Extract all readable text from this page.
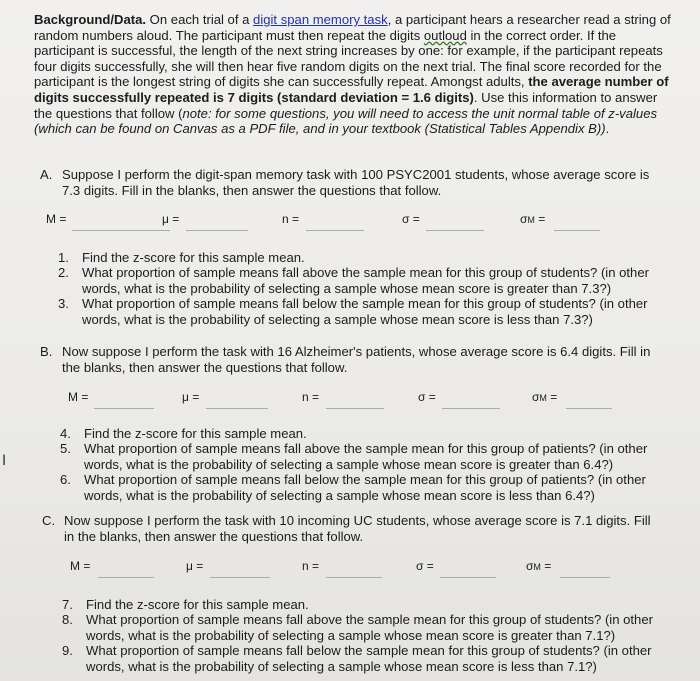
Background/Data. On each trial of a digit span memory task, a participant hears a researcher read a string of random numbers aloud. The participant must then repeat the digits outloud in the correct order. If the participant is successful, the length of the next string increases by one: for example, if the participant repeats four digits successfully, she will then hear five random digits on the next trial. The final score recorded for the participant is the longest string of digits she can successfully repeat. Amongst adults, the average number of digits successfully repeated is 7 digits (standard deviation = 1.6 digits). Use this information to answer the questions that follow (note: for some questions, you will need to access the unit normal table of z-values (which can be found on Canvas as a PDF file, and in your textbook (Statistical Tables Appendix B)).
A. Suppose I perform the digit-span memory task with 100 PSYC2001 students, whose average score is 7.3 digits. Fill in the blanks, then answer the questions that follow.
M =	μ =	n =	σ =	σM =
1. Find the z-score for this sample mean.
2. What proportion of sample means fall above the sample mean for this group of students? (in other words, what is the probability of selecting a sample whose mean score is greater than 7.3?)
3. What proportion of sample means fall below the sample mean for this group of students? (in other words, what is the probability of selecting a sample whose mean score is less than 7.3?)
B. Now suppose I perform the task with 16 Alzheimer's patients, whose average score is 6.4 digits. Fill in the blanks, then answer the questions that follow.
M =	μ =	n =	σ =	σM =
4. Find the z-score for this sample mean.
5. What proportion of sample means fall above the sample mean for this group of patients? (in other words, what is the probability of selecting a sample whose mean score is greater than 6.4?)
6. What proportion of sample means fall below the sample mean for this group of patients? (in other words, what is the probability of selecting a sample whose mean score is less than 6.4?)
C. Now suppose I perform the task with 10 incoming UC students, whose average score is 7.1 digits. Fill in the blanks, then answer the questions that follow.
M =	μ =	n =	σ =	σM =
7. Find the z-score for this sample mean.
8. What proportion of sample means fall above the sample mean for this group of students? (in other words, what is the probability of selecting a sample whose mean score is greater than 7.1?)
9. What proportion of sample means fall below the sample mean for this group of students? (in other words, what is the probability of selecting a sample whose mean score is less than 7.1?)
I
